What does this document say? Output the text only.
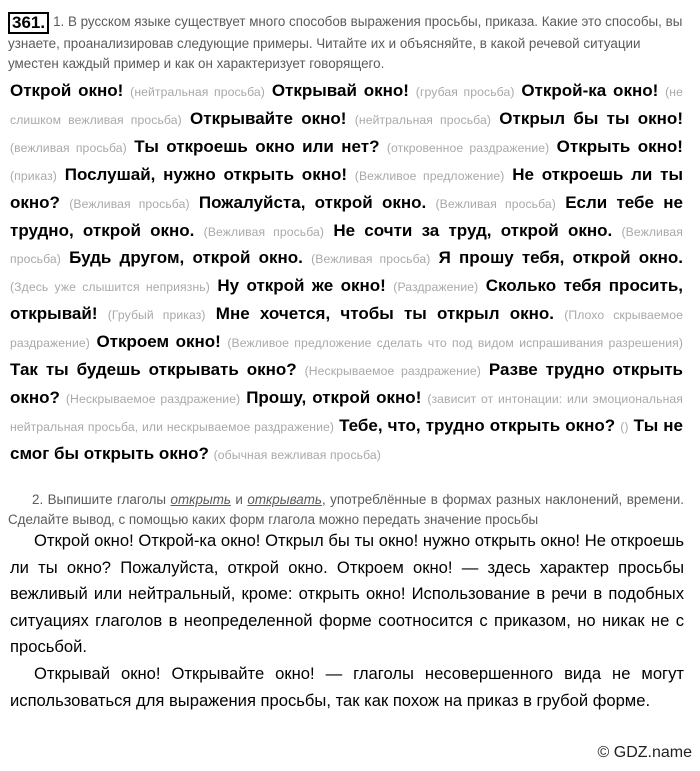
361. 1. В русском языке существует много способов выражения просьбы, приказа. Какие это способы, вы узнаете, проанализировав следующие примеры. Читайте их и объясняйте, в какой речевой ситуации уместен каждый пример и как он характеризует говорящего.
Открой окно! (нейтральная просьба) Открывай окно! (грубая просьба) Открой-ка окно! (не слишком вежливая просьба) Открывайте окно! (нейтральная просьба) Открыл бы ты окно! (вежливая просьба) Ты откроешь окно или нет? (откровенное раздражение) Открыть окно! (приказ) Послушай, нужно открыть окно! (Вежливое предложение) Не откроешь ли ты окно? (Вежливая просьба) Пожалуйста, открой окно. (Вежливая просьба) Если тебе не трудно, открой окно. (Вежливая просьба) Не сочти за труд, открой окно. (Вежливая просьба) Будь другом, открой окно. (Вежливая просьба) Я прошу тебя, открой окно. (Здесь уже слышится неприязнь) Ну открой же окно! (Раздражение) Сколько тебя просить, открывай! (Грубый приказ) Мне хочется, чтобы ты открыл окно. (Плохо скрываемое раздражение) Откроем окно! (Вежливое предложение сделать что под видом испрашивания разрешения) Так ты будешь открывать окно? (Нескрываемое раздражение) Разве трудно открыть окно? (Нескрываемое раздражение) Прошу, открой окно! (зависит от интонации: или эмоциональная нейтральная просьба, или нескрываемое раздражение) Тебе, что, трудно открыть окно? () Ты не смог бы открыть окно? (обычная вежливая просьба)
2. Выпишите глаголы открыть и открывать, употреблённые в формах разных наклонений, времени. Сделайте вывод, с помощью каких форм глагола можно передать значение просьбы

Открой окно! Открой-ка окно! Открыл бы ты окно! нужно открыть окно! Не откроешь ли ты окно? Пожалуйста, открой окно. Откроем окно! — здесь характер просьбы вежливый или нейтральный, кроме: открыть окно! Использование в речи в подобных ситуациях глаголов в неопределенной форме соотносится с приказом, но никак не с просьбой.

Открывай окно! Открывайте окно! — глаголы несовершенного вида не могут использоваться для выражения просьбы, так как похож на приказ в грубой форме.

© GDZ.name
